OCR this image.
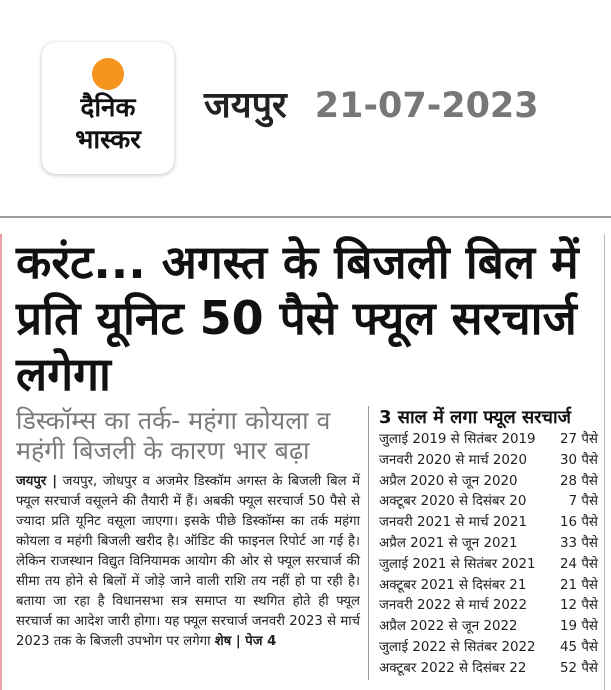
दैनिक
भास्कर
जयपुर 21-07-2023
करंट... अगस्त के बिजली बिल में प्रति यूनिट 50 पैसे फ्यूल सरचार्ज लगेगा
डिस्कॉम्स का तर्क- महंगा कोयला व महंगी बिजली के कारण भार बढ़ा
जयपुर | जयपुर, जोधपुर व अजमेर डिस्कॉम अगस्त के बिजली बिल में फ्यूल सरचार्ज वसूलने की तैयारी में हैं। अबकी फ्यूल सरचार्ज 50 पैसे से ज्यादा प्रति यूनिट वसूला जाएगा। इसके पीछे डिस्कॉम्स का तर्क महंगा कोयला व महंगी बिजली खरीद है। ऑडिट की फाइनल रिपोर्ट आ गई है। लेकिन राजस्थान विद्युत विनियामक आयोग की ओर से फ्यूल सरचार्ज की सीमा तय होने से बिलों में जोड़े जाने वाली राशि तय नहीं हो पा रही है। बताया जा रहा है विधानसभा सत्र समाप्त या स्थगित होते ही फ्यूल सरचार्ज का आदेश जारी होगा। यह फ्यूल सरचार्ज जनवरी 2023 से मार्च 2023 तक के बिजली उपभोग पर लगेगा शेष | पेज 4
3 साल में लगा फ्यूल सरचार्ज
जुलाई 2019 से सितंबर 2019 27 पैसे
जनवरी 2020 से मार्च 2020 30 पैसे
अप्रैल 2020 से जून 2020	28 पैसे
अक्टूबर 2020 से दिसंबर 20	7 पैसे
जनवरी 2021 से मार्च 2021 16 पैसे
अप्रैल 2021 से जून 2021	33 पैसे
जुलाई 2021 से सितंबर 2021 24 पैसे
अक्टूबर 2021 से दिसंबर 21	21 पैसे
जनवरी 2022 से मार्च 2022 12 पैसे
अप्रैल 2022 से जून 2022	19 पैसे
जुलाई 2022 से सितंबर 2022 45 पैसे
अक्टूबर 2022 से दिसंबर 22	52 पैसे
